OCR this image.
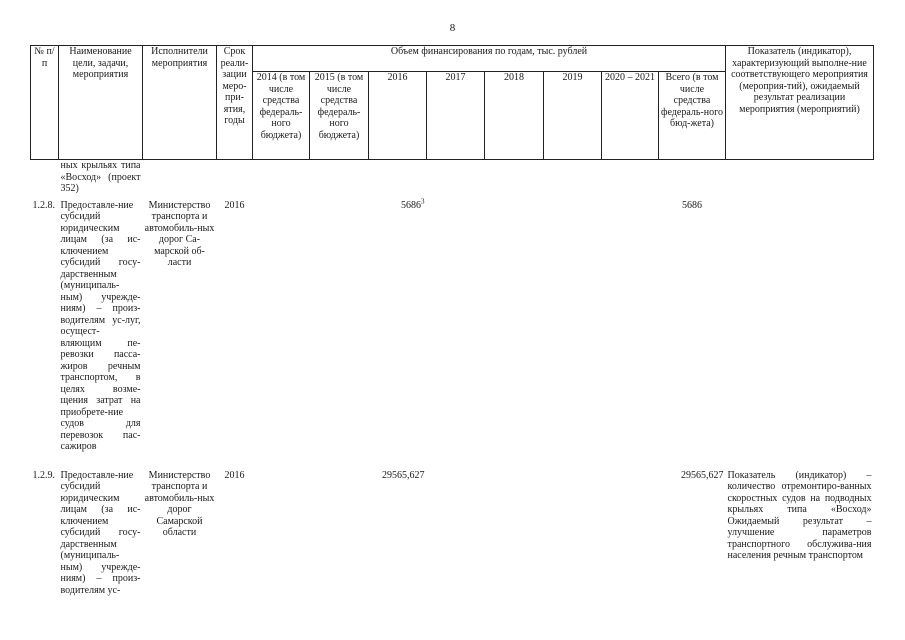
8
№ п/п	Наименование цели, задачи, мероприятия	Исполнители мероприятия	Срок реали-зации меро-при-ятия, годы	Объем финансирования по годам, тыс. рублей								Показатель (индикатор), характеризующий выполне-ние соответствующего мероприятия (мероприя-тий), ожидаемый результат реализации мероприятия (мероприятий)
				2014 (в том числе средства федераль-ного бюджета)	2015 (в том числе средства федераль-ного бюджета)	2016	2017	2018	2019	2020 – 2021	Всего (в том числе средства федераль-ного бюд-жета)	
	ных крыльях типа «Восход» (проект 352)											
1.2.8.	Предоставле-ние субсидий юридическим лицам (за ис-ключением субсидий госу-дарственным (муниципаль-ным) учрежде-ниям) – произ-водителям ус-луг, осущест-вляющим пе-ревозки пасса-жиров речным транспортом, в целях возме-щения затрат на приобрете-ние судов для перевозок пас-сажиров	Министерство транспорта и автомобиль-ных дорог Са-марской об-ласти	2016			5686$^3$					5686	
1.2.9.	Предоставле-ние субсидий юридическим лицам (за ис-ключением субсидий госу-дарственным (муниципаль-ным) учрежде-ниям) – произ-водителям ус-	Министерство транспорта и автомобиль-ных дорог Самарской области	2016			29565,627					29565,627	Показатель (индикатор) – количество отремонтиро-ванных скоростных судов на подводных крыльях типа «Восход» Ожидаемый результат – улучшение параметров транспортного обслужива-ния населения речным транспортом
